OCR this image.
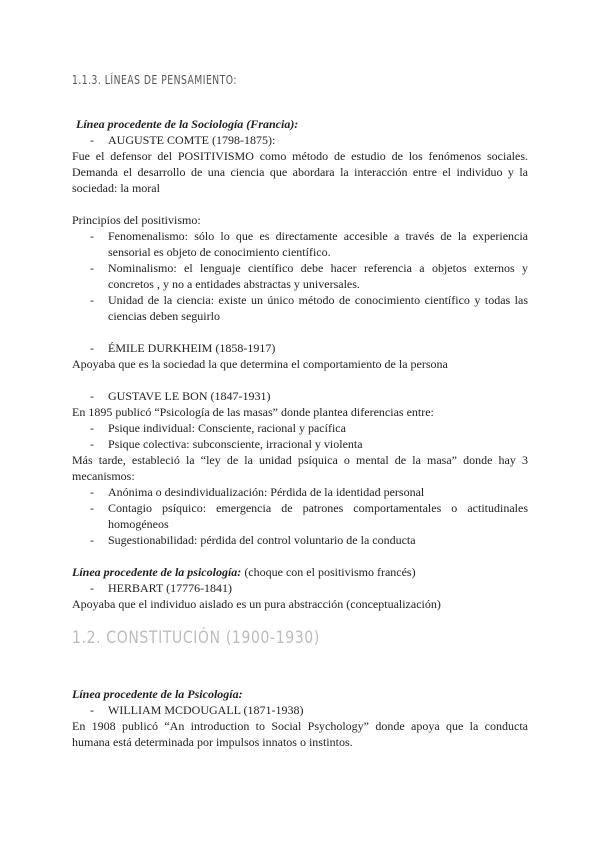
1.1.3. LÍNEAS DE PENSAMIENTO:
Línea procedente de la Sociología (Francia):
- AUGUSTE COMTE (1798-1875):
Fue el defensor del POSITIVISMO como método de estudio de los fenómenos sociales.
Demanda el desarrollo de una ciencia que abordara la interacción entre el individuo y la
sociedad: la moral
Principios del positivismo:
- Fenomenalismo: sólo lo que es directamente accesible a través de la experiencia sensorial es objeto de conocimiento científico.
- Nominalismo: el lenguaje científico debe hacer referencia a objetos externos y concretos , y no a entidades abstractas y universales.
- Unidad de la ciencia: existe un único método de conocimiento científico y todas las ciencias deben seguirlo
- ÉMILE DURKHEIM (1858-1917)
Apoyaba que es la sociedad la que determina el comportamiento de la persona
- GUSTAVE LE BON (1847-1931)
En 1895 publicó “Psicología de las masas” donde plantea diferencias entre:
- Psique individual: Consciente, racional y pacífica
- Psique colectiva: subconsciente, irracional y violenta
Más tarde, estableció la “ley de la unidad psíquica o mental de la masa” donde hay 3
mecanismos:
- Anónima o desindividualización: Pérdida de la identidad personal
- Contagio psíquico: emergencia de patrones comportamentales o actitudinales homogéneos
- Sugestionabilidad: pérdida del control voluntario de la conducta
Línea procedente de la psicología: (choque con el positivismo francés)
- HERBART (17776-1841)
Apoyaba que el individuo aislado es un pura abstracción (conceptualización)
1.2. CONSTITUCIÓN (1900-1930)
Línea procedente de la Psicología:
- WILLIAM MCDOUGALL (1871-1938)
En 1908 publicó “An introduction to Social Psychology” donde apoya que la conducta
humana está determinada por impulsos innatos o instintos.
